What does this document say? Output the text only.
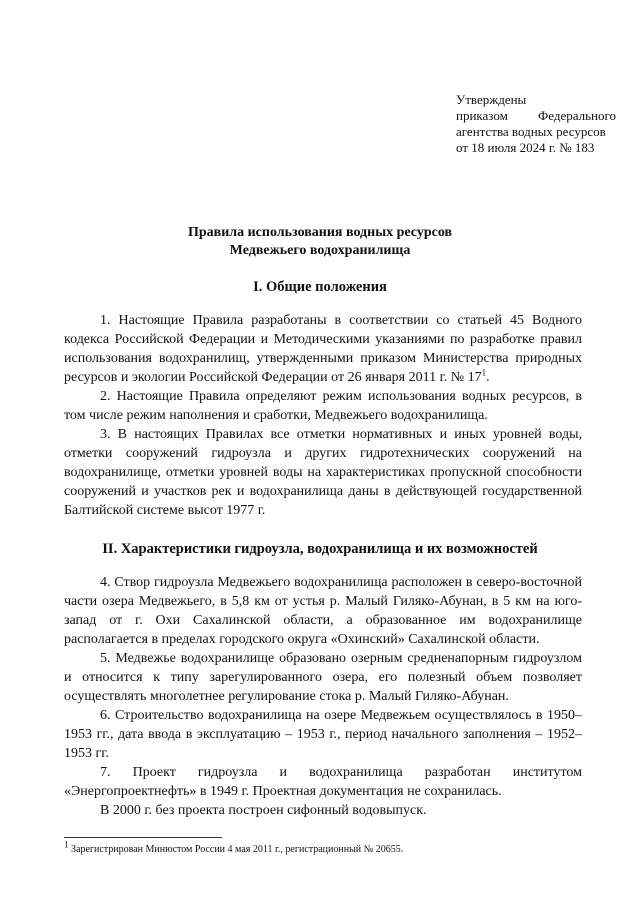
Утверждены
приказом Федерального
агентства водных ресурсов
от 18 июля 2024 г. № 183
Правила использования водных ресурсов
Медвежьего водохранилища
I. Общие положения

1. Настоящие Правила разработаны в соответствии со статьей 45 Водного кодекса Российской Федерации и Методическими указаниями по разработке правил использования водохранилищ, утвержденными приказом Министерства природных ресурсов и экологии Российской Федерации от 26 января 2011 г. № $17^1$.

2. Настоящие Правила определяют режим использования водных ресурсов, в том числе режим наполнения и сработки, Медвежьего водохранилища.

3. В настоящих Правилах все отметки нормативных и иных уровней воды, отметки сооружений гидроузла и других гидротехнических сооружений на водохранилище, отметки уровней воды на характеристиках пропускной способности сооружений и участков рек и водохранилища даны в действующей государственной Балтийской системе высот 1977 г.

II. Характеристики гидроузла, водохранилища и их возможностей

4. Створ гидроузла Медвежьего водохранилища расположен в северо-восточной части озера Медвежьего, в 5,8 км от устья р. Малый Гиляко-Абунан, в 5 км на юго-запад от г. Охи Сахалинской области, а образованное им водохранилище располагается в пределах городского округа «Охинский» Сахалинской области.

5. Медвежье водохранилище образовано озерным средненапорным гидроузлом и относится к типу зарегулированного озера, его полезный объем позволяет осуществлять многолетнее регулирование стока р. Малый Гиляко-Абунан.

6. Строительство водохранилища на озере Медвежьем осуществлялось в 1950–1953 гг., дата ввода в эксплуатацию – 1953 г., период начального заполнения – 1952–1953 гг.

7. Проект гидроузла и водохранилища разработан институтом «Энергопроектнефть» в 1949 г. Проектная документация не сохранилась.

В 2000 г. без проекта построен сифонный водовыпуск.

$^1$ Зарегистрирован Минюстом России 4 мая 2011 г., регистрационный № 20655.
